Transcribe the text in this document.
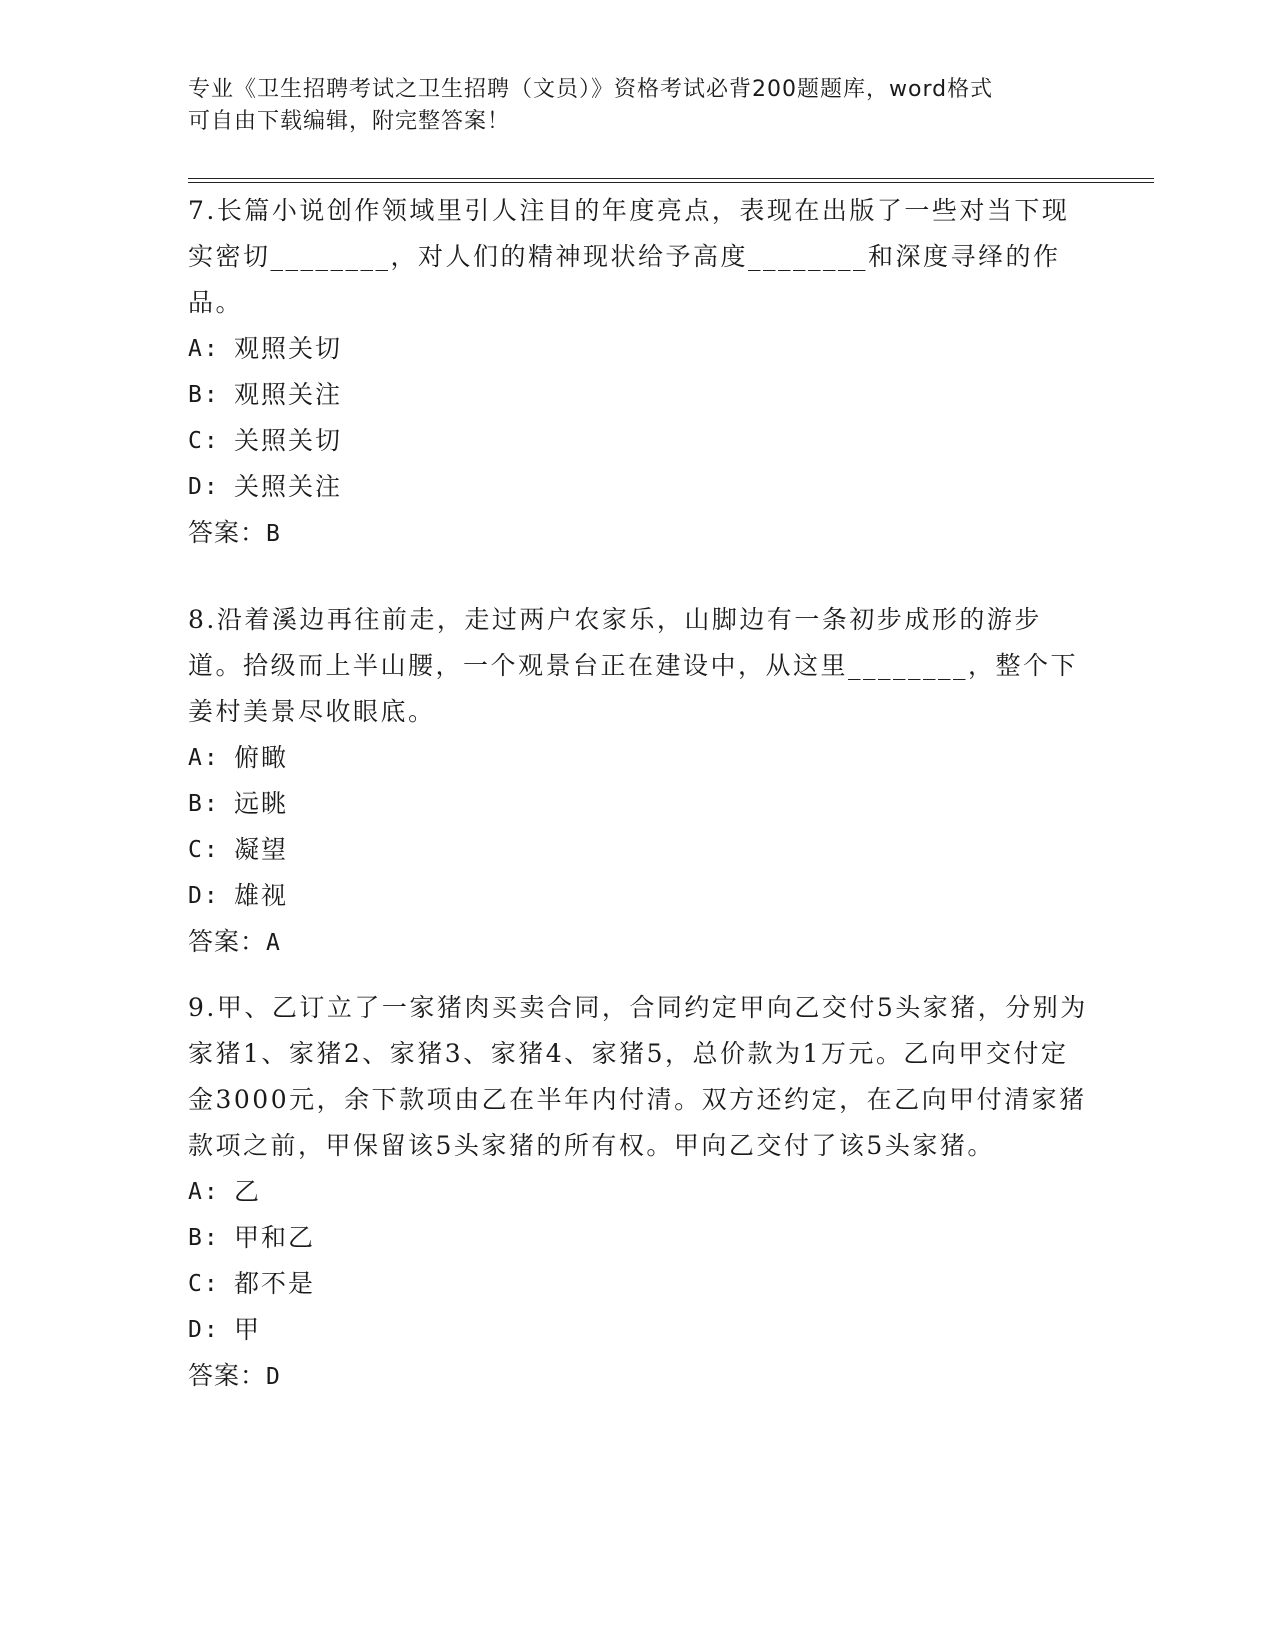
专业《卫生招聘考试之卫生招聘（文员）》资格考试必背200题题库，word格式
可自由下载编辑，附完整答案！
7.长篇小说创作领域里引人注目的年度亮点，表现在出版了一些对当下现实密切________，对人们的精神现状给予高度________和深度寻绎的作品。
A: 观照关切
B: 观照关注
C: 关照关切
D: 关照关注
答案：B
8.沿着溪边再往前走，走过两户农家乐，山脚边有一条初步成形的游步道。拾级而上半山腰，一个观景台正在建设中，从这里________，整个下姜村美景尽收眼底。
A: 俯瞰
B: 远眺
C: 凝望
D: 雄视
答案：A
9.甲、乙订立了一家猪肉买卖合同，合同约定甲向乙交付5头家猪，分别为家猪1、家猪2、家猪3、家猪4、家猪5，总价款为1万元。乙向甲交付定金3000元，余下款项由乙在半年内付清。双方还约定，在乙向甲付清家猪款项之前，甲保留该5头家猪的所有权。甲向乙交付了该5头家猪。
A: 乙
B: 甲和乙
C: 都不是
D: 甲
答案：D
